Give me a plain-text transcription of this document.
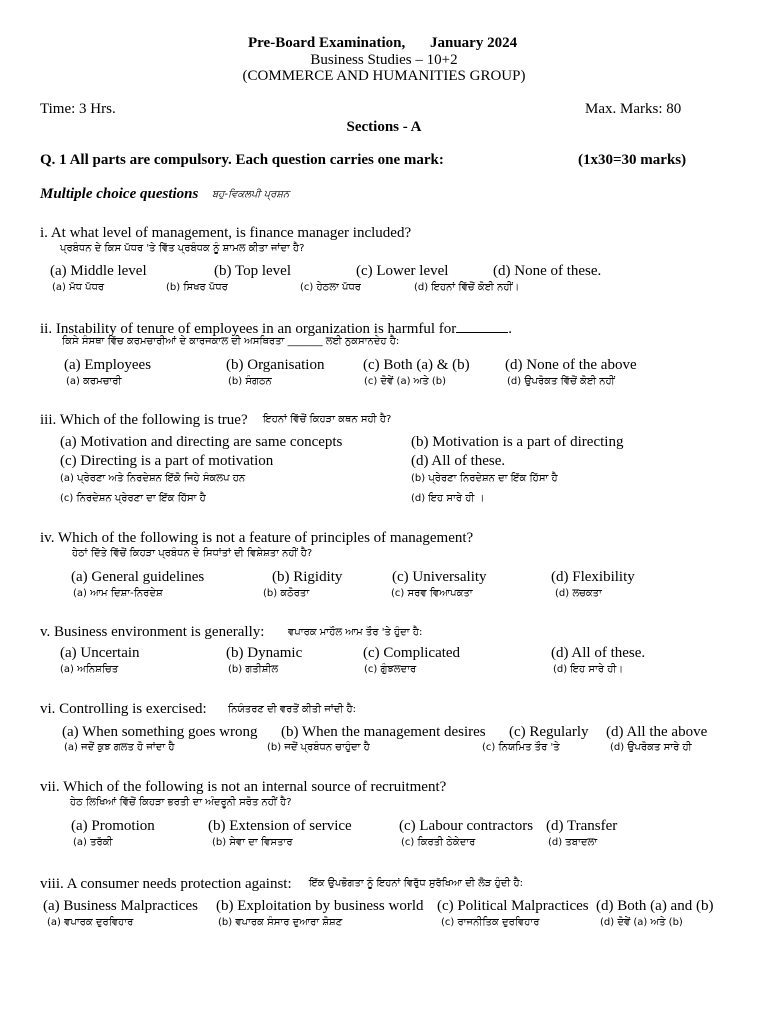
Pre-Board Examination, January 2024
Business Studies – 10+2
(COMMERCE AND HUMANITIES GROUP)
Time: 3 Hrs.	Max. Marks: 80
Sections - A
Q. 1 All parts are compulsory. Each question carries one mark:	(1x30=30 marks)
Multiple choice questions ਬਹੁ-ਵਿਕਲਪੀ ਪ੍ਰਸ਼ਨ
i. At what level of management, is finance manager included?
ਪ੍ਰਬੰਧਨ ਦੇ ਕਿਸ ਪੱਧਰ 'ਤੇ ਵਿੱਤ ਪ੍ਰਬੰਧਕ ਨੂੰ ਸ਼ਾਮਲ ਕੀਤਾ ਜਾਂਦਾ ਹੈ?
(a) Middle level	(b) Top level	(c) Lower level	(d) None of these.
(a) ਮੱਧ ਪੱਧਰ	(b) ਸਿਖਰ ਪੱਧਰ	(c) ਹੇਠਲਾ ਪੱਧਰ	(d) ਇਹਨਾਂ ਵਿੱਚੋਂ ਕੋਈ ਨਹੀਂ।
ii. Instability of tenure of employees in an organization is harmful for	.
ਕਿਸੇ ਸੰਸਥਾ ਵਿੱਚ ਕਰਮਚਾਰੀਆਂ ਦੇ ਕਾਰਜਕਾਲ ਦੀ ਅਸਥਿਰਤਾ _______ ਲਈ ਨੁਕਸਾਨਦੇਹ ਹੈ:
(a) Employees	(b) Organisation	(c) Both (a) & (b) (d) None of the above
(a) ਕਰਮਚਾਰੀ	(b) ਸੰਗਠਨ	(c) ਦੋਵੇਂ (a) ਅਤੇ (b)	(d) ਉਪਰੋਕਤ ਵਿੱਚੋਂ ਕੋਈ ਨਹੀਂ
iii. Which of the following is true? ਇਹਨਾਂ ਵਿੱਚੋਂ ਕਿਹੜਾ ਕਥਨ ਸਹੀ ਹੈ?
(a) Motivation and directing are same concepts	(b) Motivation is a part of directing
(c) Directing is a part of motivation	(d) All of these.
(a) ਪ੍ਰੇਰਣਾ ਅਤੇ ਨਿਰਦੇਸ਼ਨ ਇੱਕੋ ਜਿਹੇ ਸੰਕਲਪ ਹਨ	(b) ਪ੍ਰੇਰਣਾ ਨਿਰਦੇਸ਼ਨ ਦਾ ਇੱਕ ਹਿੱਸਾ ਹੈ
(c) ਨਿਰਦੇਸ਼ਨ ਪ੍ਰੇਰਣਾ ਦਾ ਇੱਕ ਹਿੱਸਾ ਹੈ	(d) ਇਹ ਸਾਰੇ ਹੀ ।
iv. Which of the following is not a feature of principles of management?
ਹੇਠਾਂ ਦਿੱਤੇ ਵਿੱਚੋਂ ਕਿਹੜਾ ਪ੍ਰਬੰਧਨ ਦੇ ਸਿਧਾਂਤਾਂ ਦੀ ਵਿਸ਼ੇਸ਼ਤਾ ਨਹੀਂ ਹੈ?
(a) General guidelines	(b) Rigidity	(c) Universality	(d) Flexibility
(a) ਆਮ ਦਿਸ਼ਾ-ਨਿਰਦੇਸ਼	(b) ਕਠੋਰਤਾ	(c) ਸਰਵ ਵਿਆਪਕਤਾ	(d) ਲਚਕਤਾ
v. Business environment is generally: ਵਪਾਰਕ ਮਾਹੌਲ ਆਮ ਤੌਰ 'ਤੇ ਹੁੰਦਾ ਹੈ:
(a) Uncertain	(b) Dynamic	(c) Complicated	(d) All of these.
(a) ਅਨਿਸ਼ਚਿਤ	(b) ਗਤੀਸ਼ੀਲ	(c) ਗੁੰਝਲਦਾਰ	(d) ਇਹ ਸਾਰੇ ਹੀ।
vi. Controlling is exercised: ਨਿਯੰਤਰਣ ਦੀ ਵਰਤੋਂ ਕੀਤੀ ਜਾਂਦੀ ਹੈ:
(a) When something goes wrong (b) When the management desires (c) Regularly (d) All the above
(a) ਜਦੋਂ ਕੁਝ ਗਲਤ ਹੋ ਜਾਂਦਾ ਹੈ	(b) ਜਦੋਂ ਪ੍ਰਬੰਧਨ ਚਾਹੁੰਦਾ ਹੈ	(c) ਨਿਯਮਿਤ ਤੌਰ 'ਤੇ	(d) ਉਪਰੋਕਤ ਸਾਰੇ ਹੀ
vii. Which of the following is not an internal source of recruitment?
ਹੇਠ ਲਿਖਿਆਂ ਵਿੱਚੋਂ ਕਿਹੜਾ ਭਰਤੀ ਦਾ ਅੰਦਰੂਨੀ ਸਰੋਤ ਨਹੀਂ ਹੈ?
(a) Promotion	(b) Extension of service	(c) Labour contractors (d) Transfer
(a) ਤਰੱਕੀ	(b) ਸੇਵਾ ਦਾ ਵਿਸਤਾਰ	(c) ਕਿਰਤੀ ਠੇਕੇਦਾਰ	(d) ਤਬਾਦਲਾ
viii. A consumer needs protection against: ਇੱਕ ਉਪਭੋਗਤਾ ਨੂੰ ਇਹਨਾਂ ਵਿਰੁੱਧ ਸੁਰੱਖਿਆ ਦੀ ਲੋੜ ਹੁੰਦੀ ਹੈ:
(a) Business Malpractices (b) Exploitation by business world (c) Political Malpractices (d) Both (a) and (b)
(a) ਵਪਾਰਕ ਦੁਰਵਿਹਾਰ	(b) ਵਪਾਰਕ ਸੰਸਾਰ ਦੁਆਰਾ ਸ਼ੋਸ਼ਣ	(c) ਰਾਜਨੀਤਿਕ ਦੁਰਵਿਹਾਰ	(d) ਦੋਵੇਂ (a) ਅਤੇ (b)
